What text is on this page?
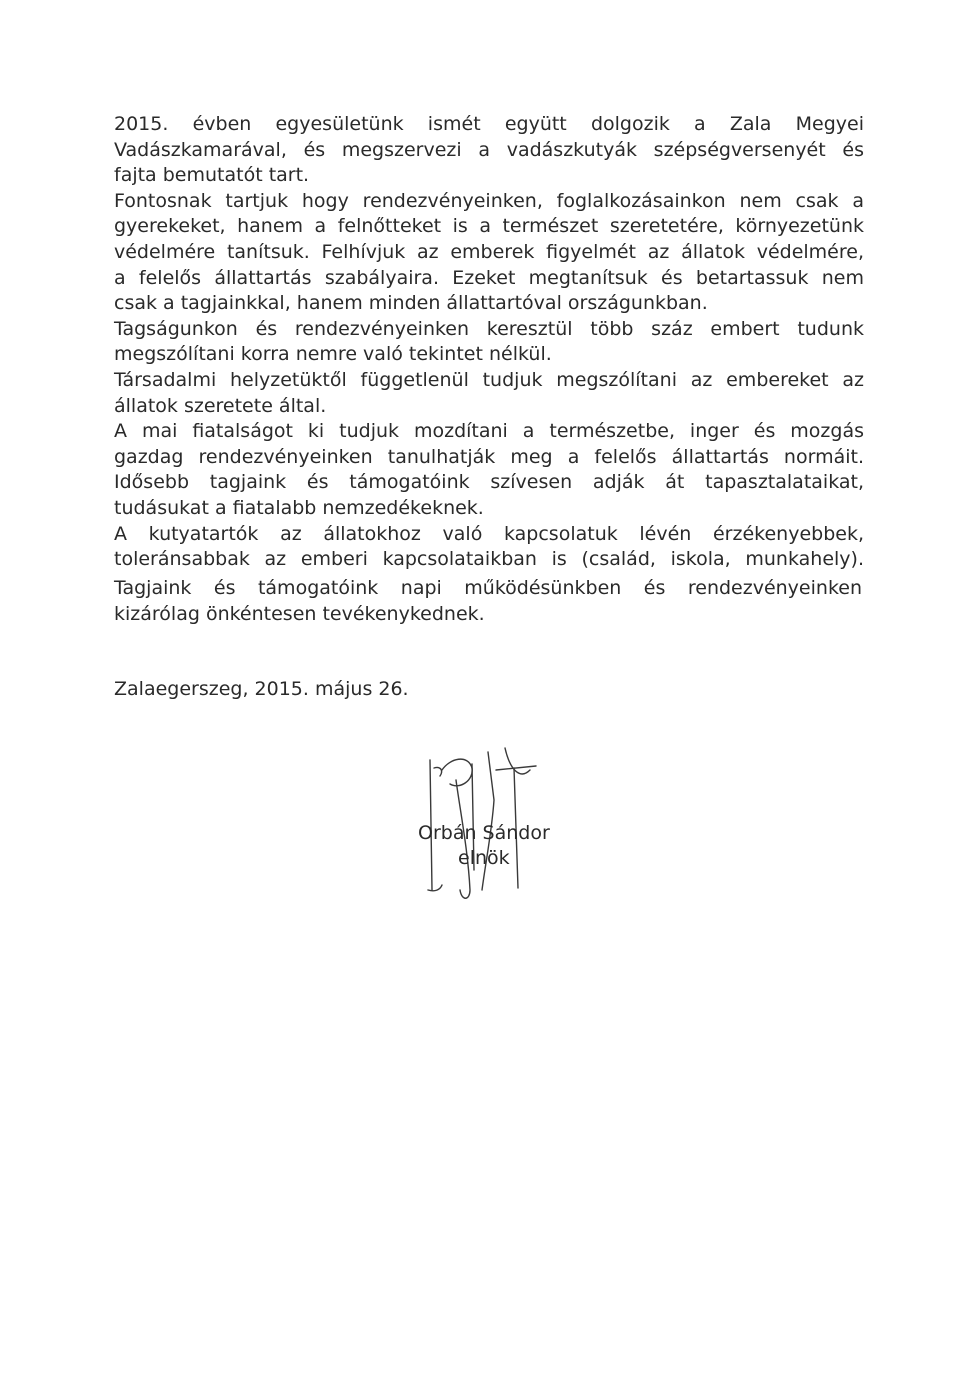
2015. évben egyesületünk ismét együtt dolgozik a Zala Megyei
Vadászkamarával, és megszervezi a vadászkutyák szépségversenyét és
fajta bemutatót tart.
Fontosnak tartjuk hogy rendezvényeinken, foglalkozásainkon nem csak a
gyerekeket, hanem a felnőtteket is a természet szeretetére, környezetünk
védelmére tanítsuk. Felhívjuk az emberek figyelmét az állatok védelmére,
a felelős állattartás szabályaira. Ezeket megtanítsuk és betartassuk nem
csak a tagjainkkal, hanem minden állattartóval országunkban.
Tagságunkon és rendezvényeinken keresztül több száz embert tudunk
megszólítani korra nemre való tekintet nélkül.
Társadalmi helyzetüktől függetlenül tudjuk megszólítani az embereket az
állatok szeretete által.
A mai fiatalságot ki tudjuk mozdítani a természetbe, inger és mozgás
gazdag rendezvényeinken tanulhatják meg a felelős állattartás normáit.
Idősebb tagjaink és támogatóink szívesen adják át tapasztalataikat,
tudásukat a fiatalabb nemzedékeknek.
A kutyatartók az állatokhoz való kapcsolatuk lévén érzékenyebbek,
toleránsabbak az emberi kapcsolataikban is (család, iskola, munkahely).
Tagjaink és támogatóink napi működésünkben és rendezvényeinken
kizárólag önkéntesen tevékenykednek.
Zalaegerszeg, 2015. május 26.
Orbán Sándor
elnök
